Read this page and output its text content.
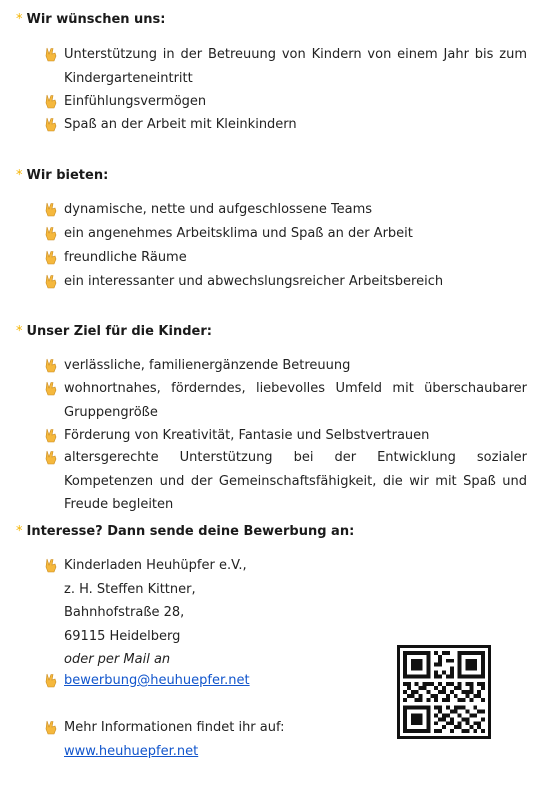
* Wir wünschen uns:
Unterstützung in der Betreuung von Kindern von einem Jahr bis zum Kindergarteneintritt
Einfühlungsvermögen
Spaß an der Arbeit mit Kleinkindern
* Wir bieten:
dynamische, nette und aufgeschlossene Teams
ein angenehmes Arbeitsklima und Spaß an der Arbeit
freundliche Räume
ein interessanter und abwechslungsreicher Arbeitsbereich
* Unser Ziel für die Kinder:
verlässliche, familienergänzende Betreuung
wohnortnahes, förderndes, liebevolles Umfeld mit überschaubarer Gruppengröße
Förderung von Kreativität, Fantasie und Selbstvertrauen
altersgerechte Unterstützung bei der Entwicklung sozialer Kompetenzen und der Gemeinschaftsfähigkeit, die wir mit Spaß und Freude begleiten
* Interesse? Dann sende deine Bewerbung an:
Kinderladen Heuhüpfer e.V.,
z. H. Steffen Kittner,
Bahnhofstraße 28,
69115 Heidelberg
oder per Mail an
bewerbung@heuhuepfer.net
Mehr Informationen findet ihr auf:
www.heuhuepfer.net
